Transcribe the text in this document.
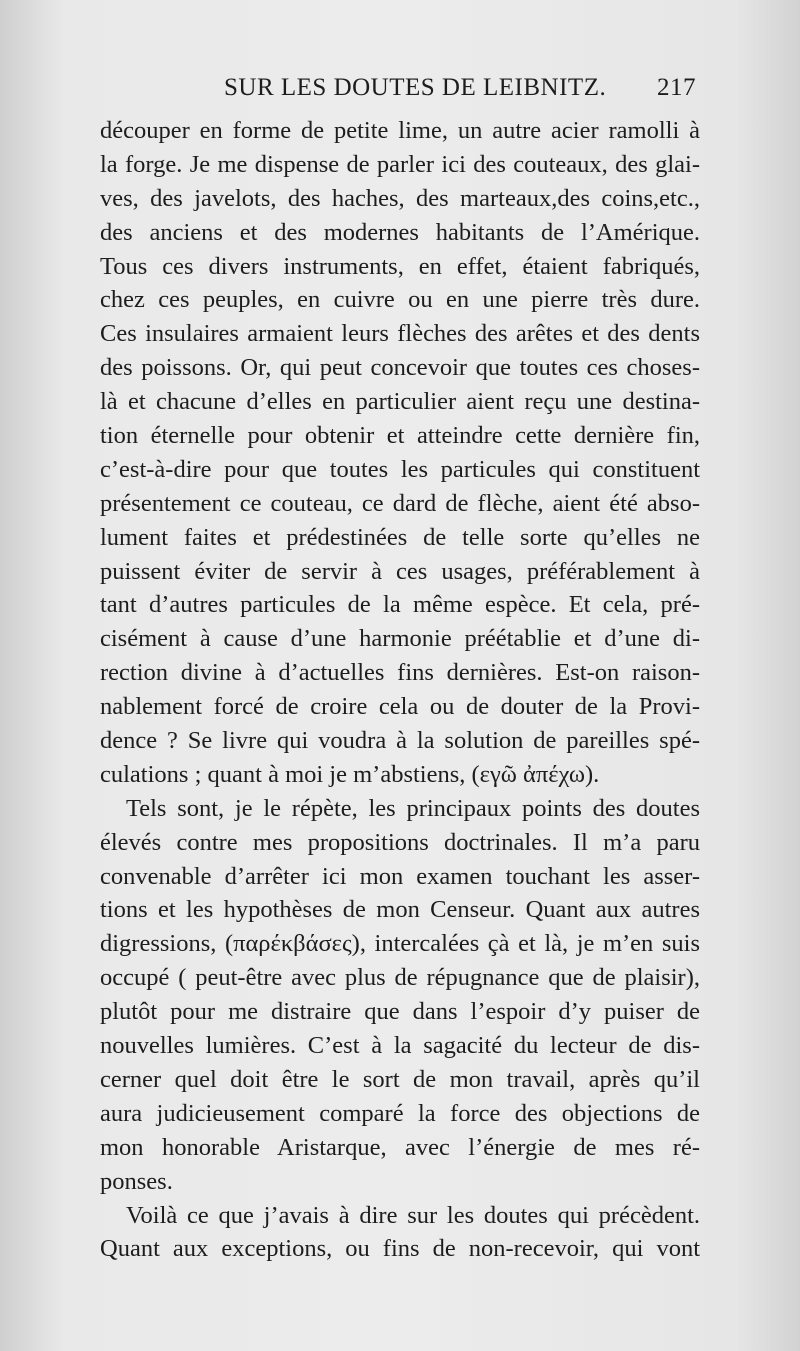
SUR LES DOUTES DE LEIBNITZ. 217
découper en forme de petite lime, un autre acier ramolli à
la forge. Je me dispense de parler ici des couteaux, des glai-
ves, des javelots, des haches, des marteaux,des coins,etc.,
des anciens et des modernes habitants de l’Amérique.
Tous ces divers instruments, en effet, étaient fabriqués,
chez ces peuples, en cuivre ou en une pierre très dure.
Ces insulaires armaient leurs flèches des arêtes et des dents
des poissons. Or, qui peut concevoir que toutes ces choses-
là et chacune d’elles en particulier aient reçu une destina-
tion éternelle pour obtenir et atteindre cette dernière fin,
c’est-à-dire pour que toutes les particules qui constituent
présentement ce couteau, ce dard de flèche, aient été abso-
lument faites et prédestinées de telle sorte qu’elles ne
puissent éviter de servir à ces usages, préférablement à
tant d’autres particules de la même espèce. Et cela, pré-
cisément à cause d’une harmonie préétablie et d’une di-
rection divine à d’actuelles fins dernières. Est-on raison-
nablement forcé de croire cela ou de douter de la Provi-
dence ? Se livre qui voudra à la solution de pareilles spé-
culations ; quant à moi je m’abstiens, (εγῶ ἀπέχω).
Tels sont, je le répète, les principaux points des doutes
élevés contre mes propositions doctrinales. Il m’a paru
convenable d’arrêter ici mon examen touchant les asser-
tions et les hypothèses de mon Censeur. Quant aux autres
digressions, (παρέκβάσες), intercalées çà et là, je m’en suis
occupé ( peut-être avec plus de répugnance que de plaisir),
plutôt pour me distraire que dans l’espoir d’y puiser de
nouvelles lumières. C’est à la sagacité du lecteur de dis-
cerner quel doit être le sort de mon travail, après qu’il
aura judicieusement comparé la force des objections de
mon honorable Aristarque, avec l’énergie de mes ré-
ponses.
Voilà ce que j’avais à dire sur les doutes qui précèdent.
Quant aux exceptions, ou fins de non-recevoir, qui vont
